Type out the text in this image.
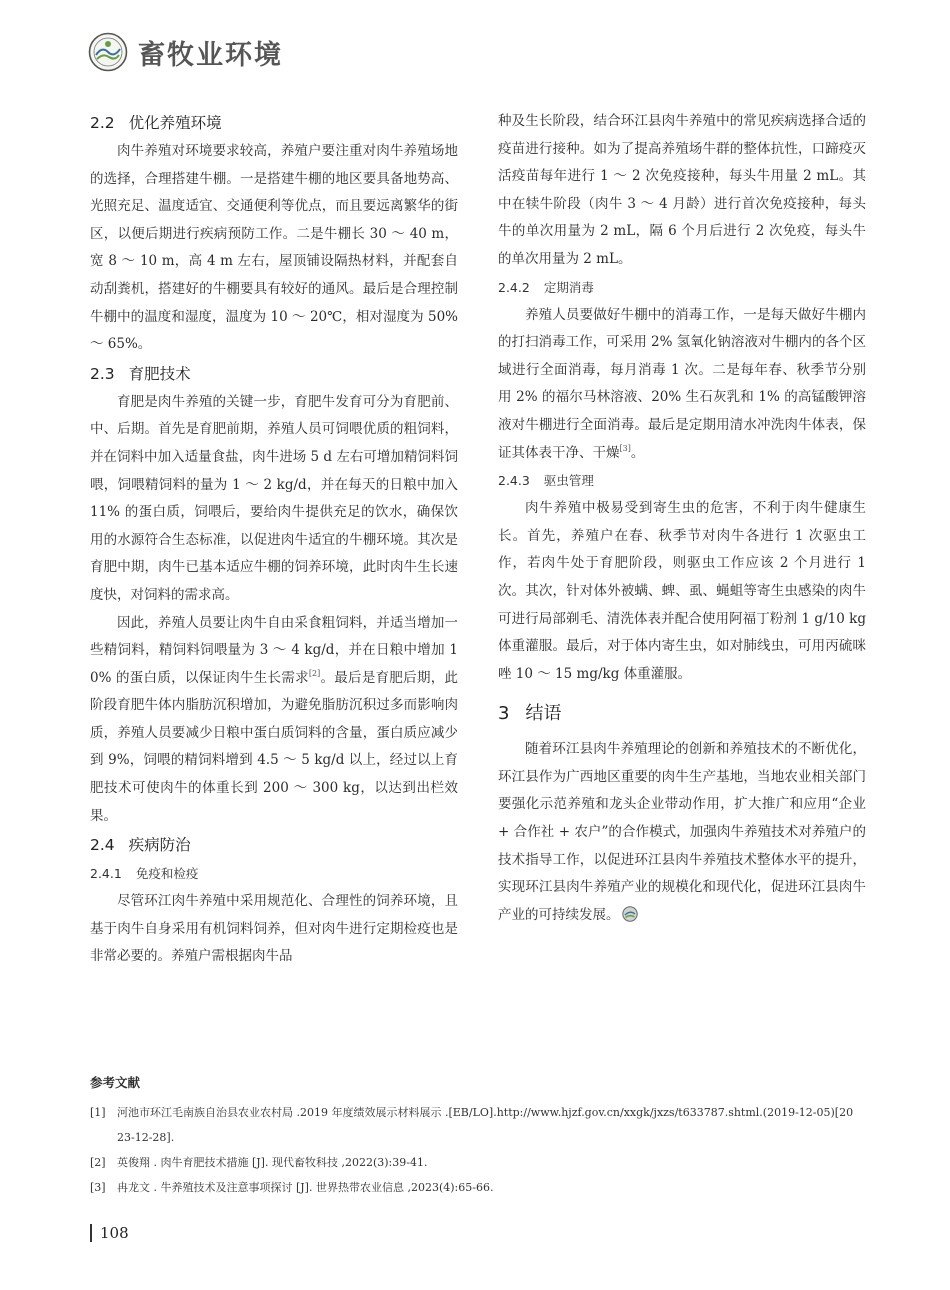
畜牧业环境
2.2 优化养殖环境

肉牛养殖对环境要求较高，养殖户要注重对肉牛养殖场地的选择，合理搭建牛棚。一是搭建牛棚的地区要具备地势高、光照充足、温度适宜、交通便利等优点，而且要远离繁华的街区，以便后期进行疾病预防工作。二是牛棚长 30 ～ 40 m，宽 8 ～ 10 m，高 4 m 左右，屋顶铺设隔热材料，并配套自动刮粪机，搭建好的牛棚要具有较好的通风。最后是合理控制牛棚中的温度和湿度，温度为 10 ～ 20℃，相对湿度为 50% ～ 65%。

2.3 育肥技术

育肥是肉牛养殖的关键一步，育肥牛发育可分为育肥前、中、后期。首先是育肥前期，养殖人员可饲喂优质的粗饲料，并在饲料中加入适量食盐，肉牛进场 5 d 左右可增加精饲料饲喂，饲喂精饲料的量为 1 ～ 2 kg/d，并在每天的日粮中加入 11% 的蛋白质，饲喂后，要给肉牛提供充足的饮水，确保饮用的水源符合生态标准，以促进肉牛适宜的牛棚环境。其次是育肥中期，肉牛已基本适应牛棚的饲养环境，此时肉牛生长速度快，对饲料的需求高。

因此，养殖人员要让肉牛自由采食粗饲料，并适当增加一些精饲料，精饲料饲喂量为 3 ～ 4 kg/d，并在日粮中增加 10% 的蛋白质，以保证肉牛生长需求[2]。最后是育肥后期，此阶段育肥牛体内脂肪沉积增加，为避免脂肪沉积过多而影响肉质，养殖人员要减少日粮中蛋白质饲料的含量，蛋白质应减少到 9%，饲喂的精饲料增到 4.5 ～ 5 kg/d 以上，经过以上育肥技术可使肉牛的体重长到 200 ～ 300 kg，以达到出栏效果。

2.4 疾病防治
2.4.1 免疫和检疫

尽管环江肉牛养殖中采用规范化、合理性的饲养环境，且基于肉牛自身采用有机饲料饲养，但对肉牛进行定期检疫也是非常必要的。养殖户需根据肉牛品

种及生长阶段，结合环江县肉牛养殖中的常见疾病选择合适的疫苗进行接种。如为了提高养殖场牛群的整体抗性，口蹄疫灭活疫苗每年进行 1 ～ 2 次免疫接种，每头牛用量 2 mL。其中在犊牛阶段（肉牛 3 ～ 4 月龄）进行首次免疫接种，每头牛的单次用量为 2 mL，隔 6 个月后进行 2 次免疫，每头牛的单次用量为 2 mL。

2.4.2 定期消毒

养殖人员要做好牛棚中的消毒工作，一是每天做好牛棚内的打扫消毒工作，可采用 2% 氢氧化钠溶液对牛棚内的各个区域进行全面消毒，每月消毒 1 次。二是每年春、秋季节分别用 2% 的福尔马林溶液、20% 生石灰乳和 1% 的高锰酸钾溶液对牛棚进行全面消毒。最后是定期用清水冲洗肉牛体表，保证其体表干净、干燥[3]。

2.4.3 驱虫管理

肉牛养殖中极易受到寄生虫的危害，不利于肉牛健康生长。首先，养殖户在春、秋季节对肉牛各进行 1 次驱虫工作，若肉牛处于育肥阶段，则驱虫工作应该 2 个月进行 1 次。其次，针对体外被螨、蜱、虱、蝇蛆等寄生虫感染的肉牛可进行局部剃毛、清洗体表并配合使用阿福丁粉剂 1 g/10 kg 体重灌服。最后，对于体内寄生虫，如对肺线虫，可用丙硫咪唑 10 ～ 15 mg/kg 体重灌服。

3 结语

随着环江县肉牛养殖理论的创新和养殖技术的不断优化，环江县作为广西地区重要的肉牛生产基地，当地农业相关部门要强化示范养殖和龙头企业带动作用，扩大推广和应用“企业 + 合作社 + 农户”的合作模式，加强肉牛养殖技术对养殖户的技术指导工作，以促进环江县肉牛养殖技术整体水平的提升，实现环江县肉牛养殖产业的规模化和现代化，促进环江县肉牛产业的可持续发展。

参考文献
[1]	河池市环江毛南族自治县农业农村局 .2019 年度绩效展示材料展示 .[EB/LO].http://www.hjzf.gov.cn/xxgk/jxzs/t633787.shtml.(2019-12-05)[2023-12-28].
[2]	英俊翔 . 肉牛育肥技术措施 [J]. 现代畜牧科技 ,2022(3):39-41.
[3]	冉龙文 . 牛养殖技术及注意事项探讨 [J]. 世界热带农业信息 ,2023(4):65-66.
108
